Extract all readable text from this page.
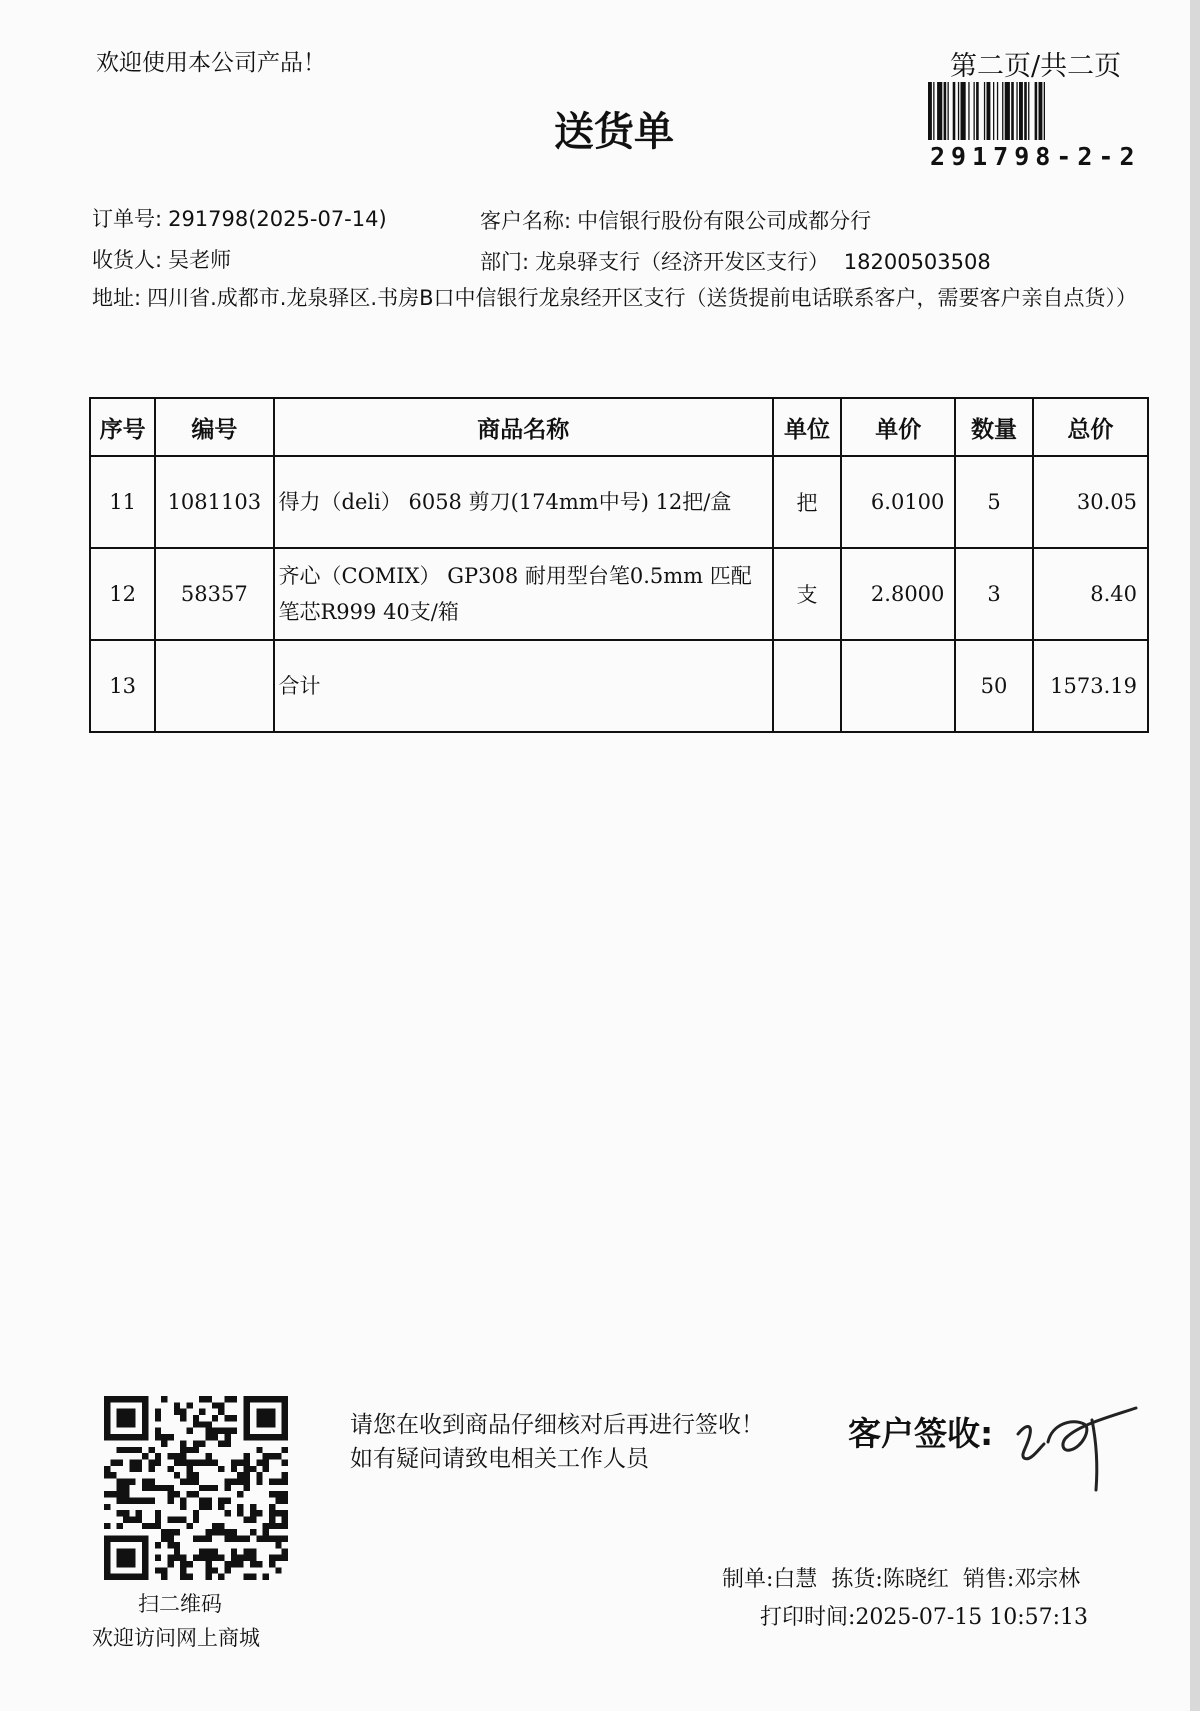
欢迎使用本公司产品！	第二页/共二页
291798-2-2
送货单
订单号: 291798(2025-07-14)	客户名称: 中信银行股份有限公司成都分行
收货人: 吴老师	部门: 龙泉驿支行（经济开发区支行） 18200503508
地址: 四川省.成都市.龙泉驿区.书房B口中信银行龙泉经开区支行（送货提前电话联系客户，需要客户亲自点货））
序号	编号	商品名称	单位	单价	数量	总价
11	1081103	得力（deli） 6058 剪刀(174mm中号) 12把/盒	把	6.0100	5	30.05
12	58357	齐心（COMIX） GP308 耐用型台笔0.5mm 匹配笔芯R999 40支/箱	支	2.8000	3	8.40
13		合计			50	1573.19
扫二维码
欢迎访问网上商城
请您在收到商品仔细核对后再进行签收！如有疑问请致电相关工作人员
客户签收:
制单:白慧 拣货:陈晓红 销售:邓宗林
打印时间:2025-07-15 10:57:13
